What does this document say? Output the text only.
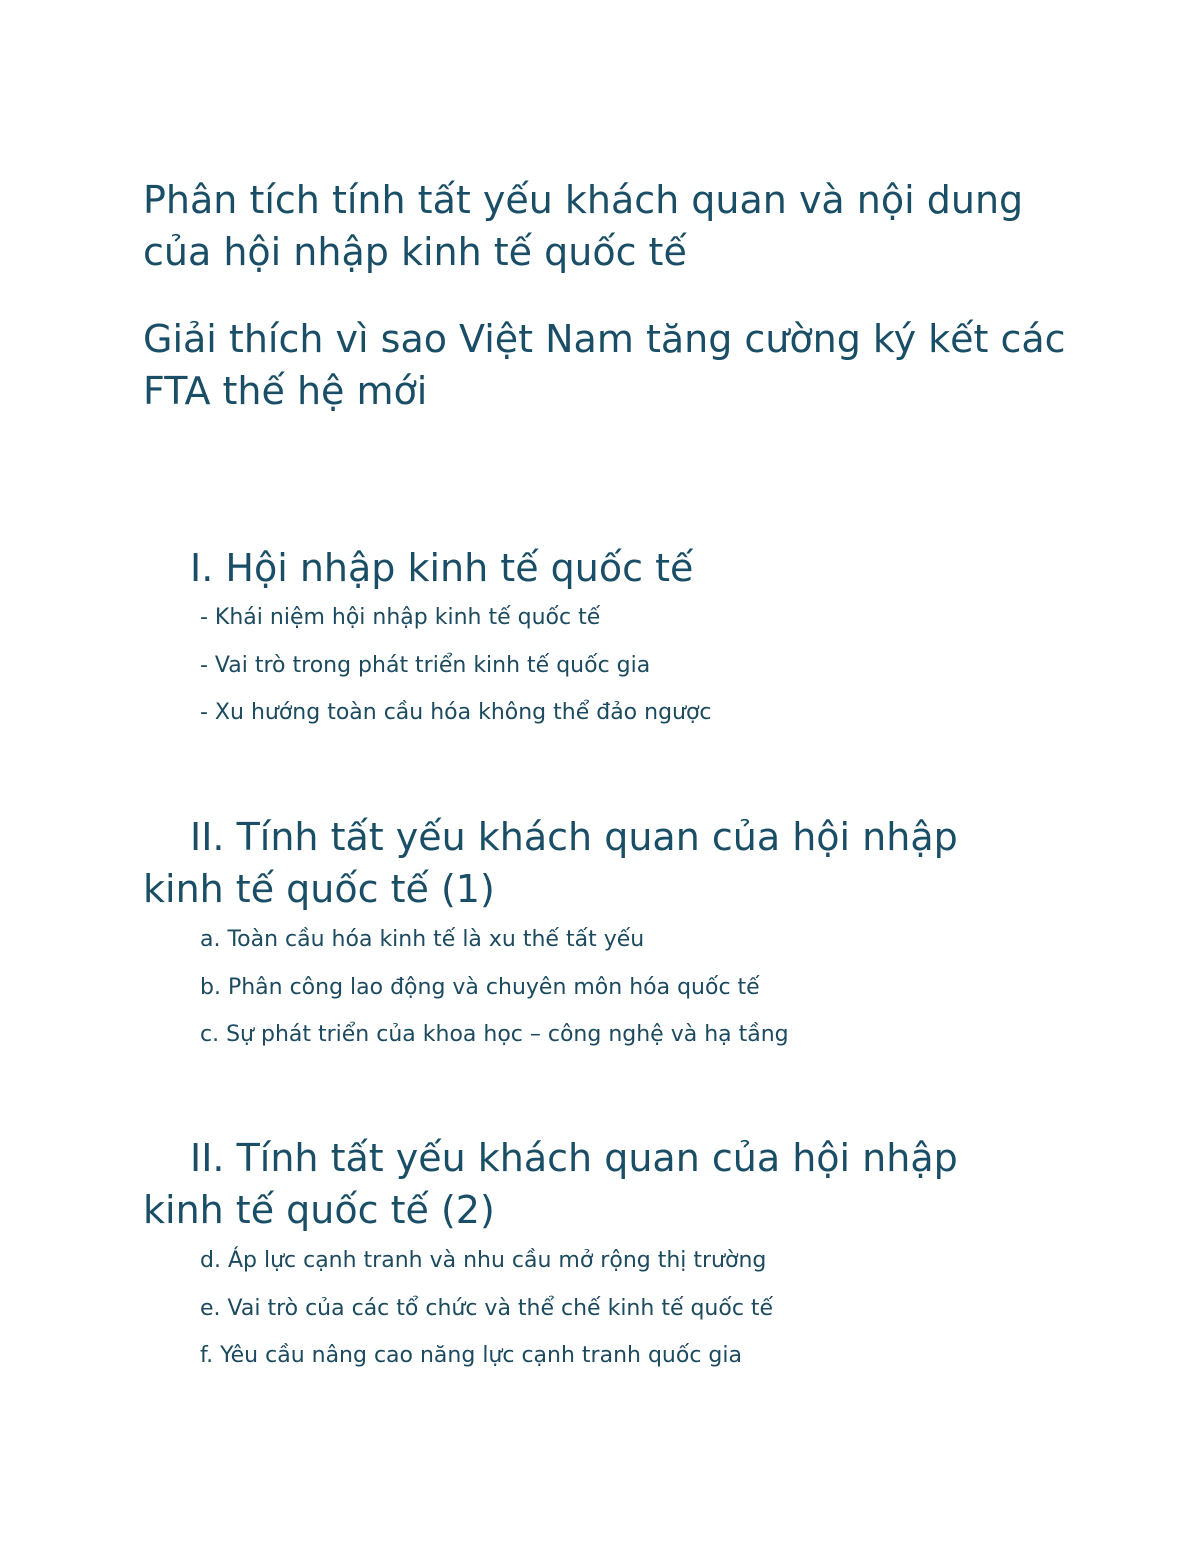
Phân tích tính tất yếu khách quan và nội dung của hội nhập kinh tế quốc tế
Giải thích vì sao Việt Nam tăng cường ký kết các FTA thế hệ mới
I. Hội nhập kinh tế quốc tế
- Khái niệm hội nhập kinh tế quốc tế
- Vai trò trong phát triển kinh tế quốc gia
- Xu hướng toàn cầu hóa không thể đảo ngược
II. Tính tất yếu khách quan của hội nhập kinh tế quốc tế (1)
a. Toàn cầu hóa kinh tế là xu thế tất yếu
b. Phân công lao động và chuyên môn hóa quốc tế
c. Sự phát triển của khoa học – công nghệ và hạ tầng
II. Tính tất yếu khách quan của hội nhập kinh tế quốc tế (2)
d. Áp lực cạnh tranh và nhu cầu mở rộng thị trường
e. Vai trò của các tổ chức và thể chế kinh tế quốc tế
f. Yêu cầu nâng cao năng lực cạnh tranh quốc gia
